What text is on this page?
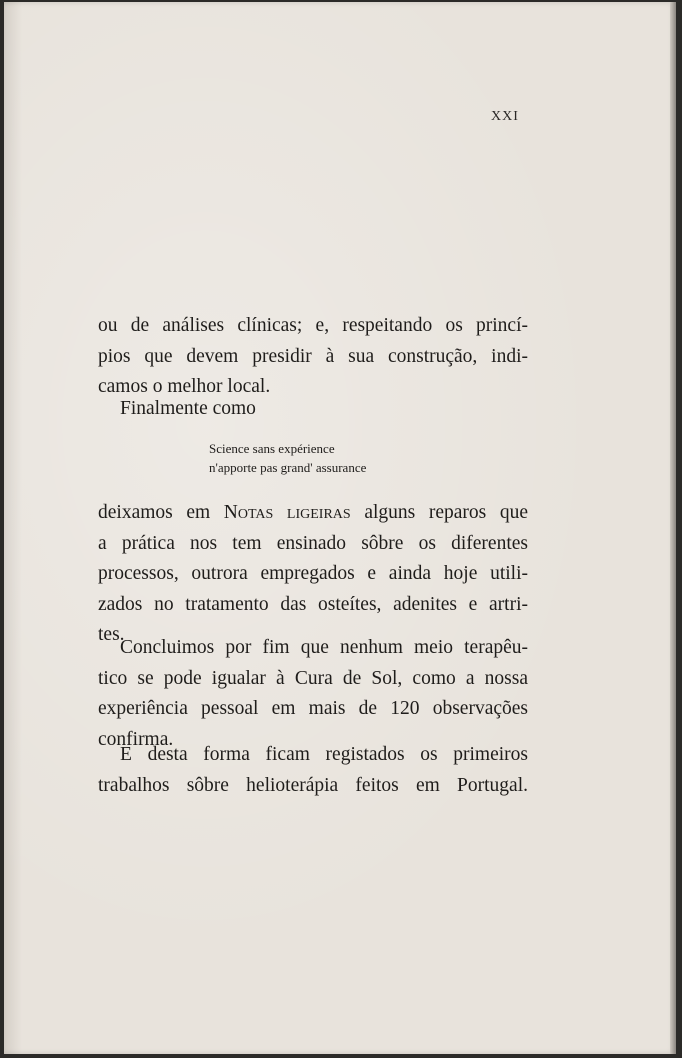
XXI
ou de análises clínicas; e, respeitando os princí-
pios que devem presidir à sua construção, indi-
camos o melhor local.
Finalmente como
Science sans expérience
n'apporte pas grand' assurance
deixamos em Notas ligeiras alguns reparos que
a prática nos tem ensinado sôbre os diferentes
processos, outrora empregados e ainda hoje utili-
zados no tratamento das osteítes, adenites e artri-
tes.
Concluimos por fim que nenhum meio terapêu-
tico se pode igualar à Cura de Sol, como a nossa
experiência pessoal em mais de 120 observações
confirma.
E desta forma ficam registados os primeiros
trabalhos sôbre helioterápia feitos em Portugal.
